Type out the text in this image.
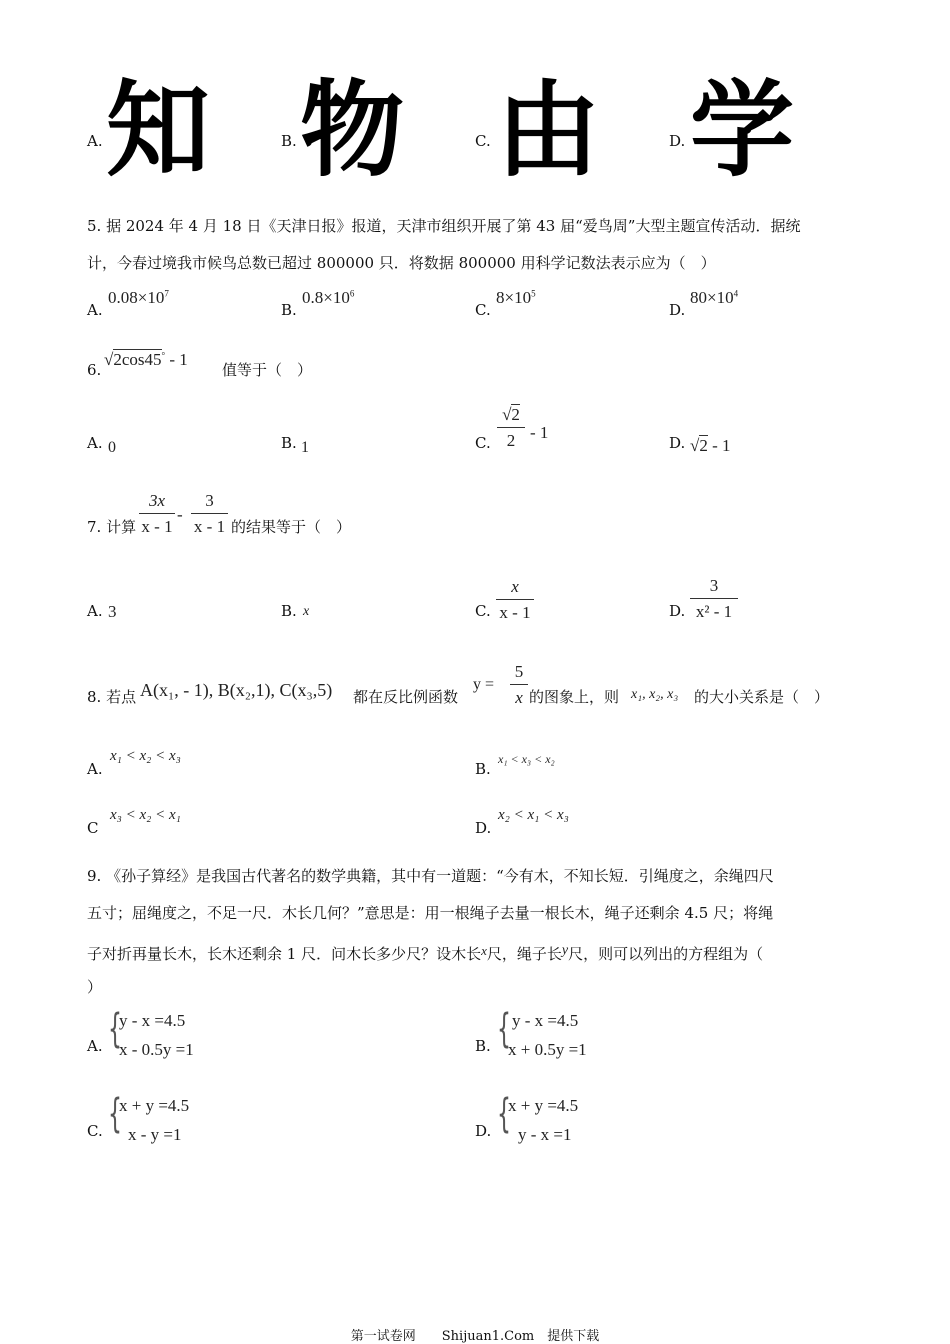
A. 知	B. 物	C. 由	D. 学
5. 据 2024 年 4 月 18 日《天津日报》报道，天津市组织开展了第 43 届“爱鸟周”大型主题宣传活动．据统
计，今春过境我市候鸟总数已超过 800000 只．将数据 800000 用科学记数法表示应为（　）
A.
$0.08\times 10^7$
B.
$0.8\times 10^6$
C.
$8\times 10^5$
D.
$80\times 10^4$
6.
√2cos45° - 1
值等于（　）
A. 0	B. 1	C.
√2
2 - 1
D. √2 - 1
7. 计算
3x
x - 1
-
3
x - 1 的结果等于（　）
A. 3	B. x	C.
x
x - 1	D.
3
x² - 1
8. 若点 A(x₁, - 1), B(x₂,1), C(x₃,5) 都在反比例函数
y =
5
x 的图象上，则 x₁, x₂, x₃ 的大小关系是（　）
A.
x₁ < x₂ < x₃
B.
x₁ < x₃ < x₂
C
x₃ < x₂ < x₁
D.
x₂ < x₁ < x₃
9. 《孙子算经》是我国古代著名的数学典籍，其中有一道题：“今有木，不知长短．引绳度之，余绳四尺
五寸；屈绳度之，不足一尺．木长几何？”意思是：用一根绳子去量一根长木，绳子还剩余 4.5 尺；将绳
子对折再量长木，长木还剩余 1 尺．问木长多少尺？设木长x尺，绳子长y尺，则可以列出的方程组为（
）
A. {
y - x =4.5
x - 0.5y =1	B. { y - x =4.5
x + 0.5y =1
C. {
x + y =4.5
x - y =1	D. {
x + y =4.5
y - x =1
第一试卷网　　Shijuan1.Com　提供下载
